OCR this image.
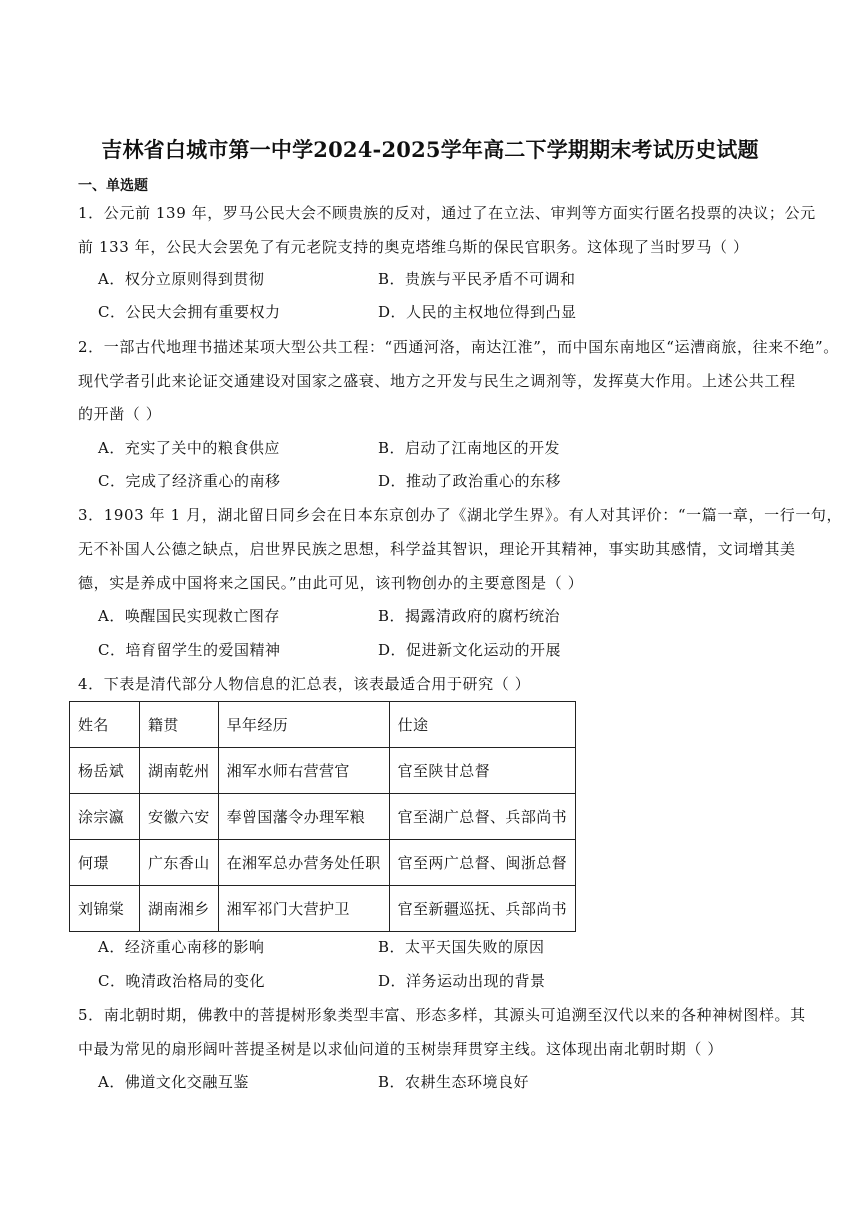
吉林省白城市第一中学2024-2025学年高二下学期期末考试历史试题
一、单选题
1．公元前 139 年，罗马公民大会不顾贵族的反对，通过了在立法、审判等方面实行匿名投票的决议；公元
前 133 年，公民大会罢免了有元老院支持的奥克塔维乌斯的保民官职务。这体现了当时罗马（ ）
A．权分立原则得到贯彻	B．贵族与平民矛盾不可调和
C．公民大会拥有重要权力	D．人民的主权地位得到凸显
2．一部古代地理书描述某项大型公共工程：“西通河洛，南达江淮”，而中国东南地区“运漕商旅，往来不绝”。
现代学者引此来论证交通建设对国家之盛衰、地方之开发与民生之调剂等，发挥莫大作用。上述公共工程
的开凿（ ）
A．充实了关中的粮食供应	B．启动了江南地区的开发
C．完成了经济重心的南移	D．推动了政治重心的东移
3．1903 年 1 月，湖北留日同乡会在日本东京创办了《湖北学生界》。有人对其评价：“一篇一章，一行一句，
无不补国人公德之缺点，启世界民族之思想，科学益其智识，理论开其精神，事实助其感情，文词增其美
德，实是养成中国将来之国民。”由此可见，该刊物创办的主要意图是（ ）
A．唤醒国民实现救亡图存	B．揭露清政府的腐朽统治
C．培育留学生的爱国精神	D．促进新文化运动的开展
4．下表是清代部分人物信息的汇总表，该表最适合用于研究（ ）
姓名	籍贯	早年经历	仕途
杨岳斌	湖南乾州	湘军水师右营营官	官至陕甘总督
涂宗瀛	安徽六安	奉曾国藩令办理军粮	官至湖广总督、兵部尚书
何璟	广东香山	在湘军总办营务处任职	官至两广总督、闽浙总督
刘锦棠	湖南湘乡	湘军祁门大营护卫	官至新疆巡抚、兵部尚书
A．经济重心南移的影响	B．太平天国失败的原因
C．晚清政治格局的变化	D．洋务运动出现的背景
5．南北朝时期，佛教中的菩提树形象类型丰富、形态多样，其源头可追溯至汉代以来的各种神树图样。其
中最为常见的扇形阔叶菩提圣树是以求仙问道的玉树崇拜贯穿主线。这体现出南北朝时期（ ）
A．佛道文化交融互鉴	B．农耕生态环境良好
